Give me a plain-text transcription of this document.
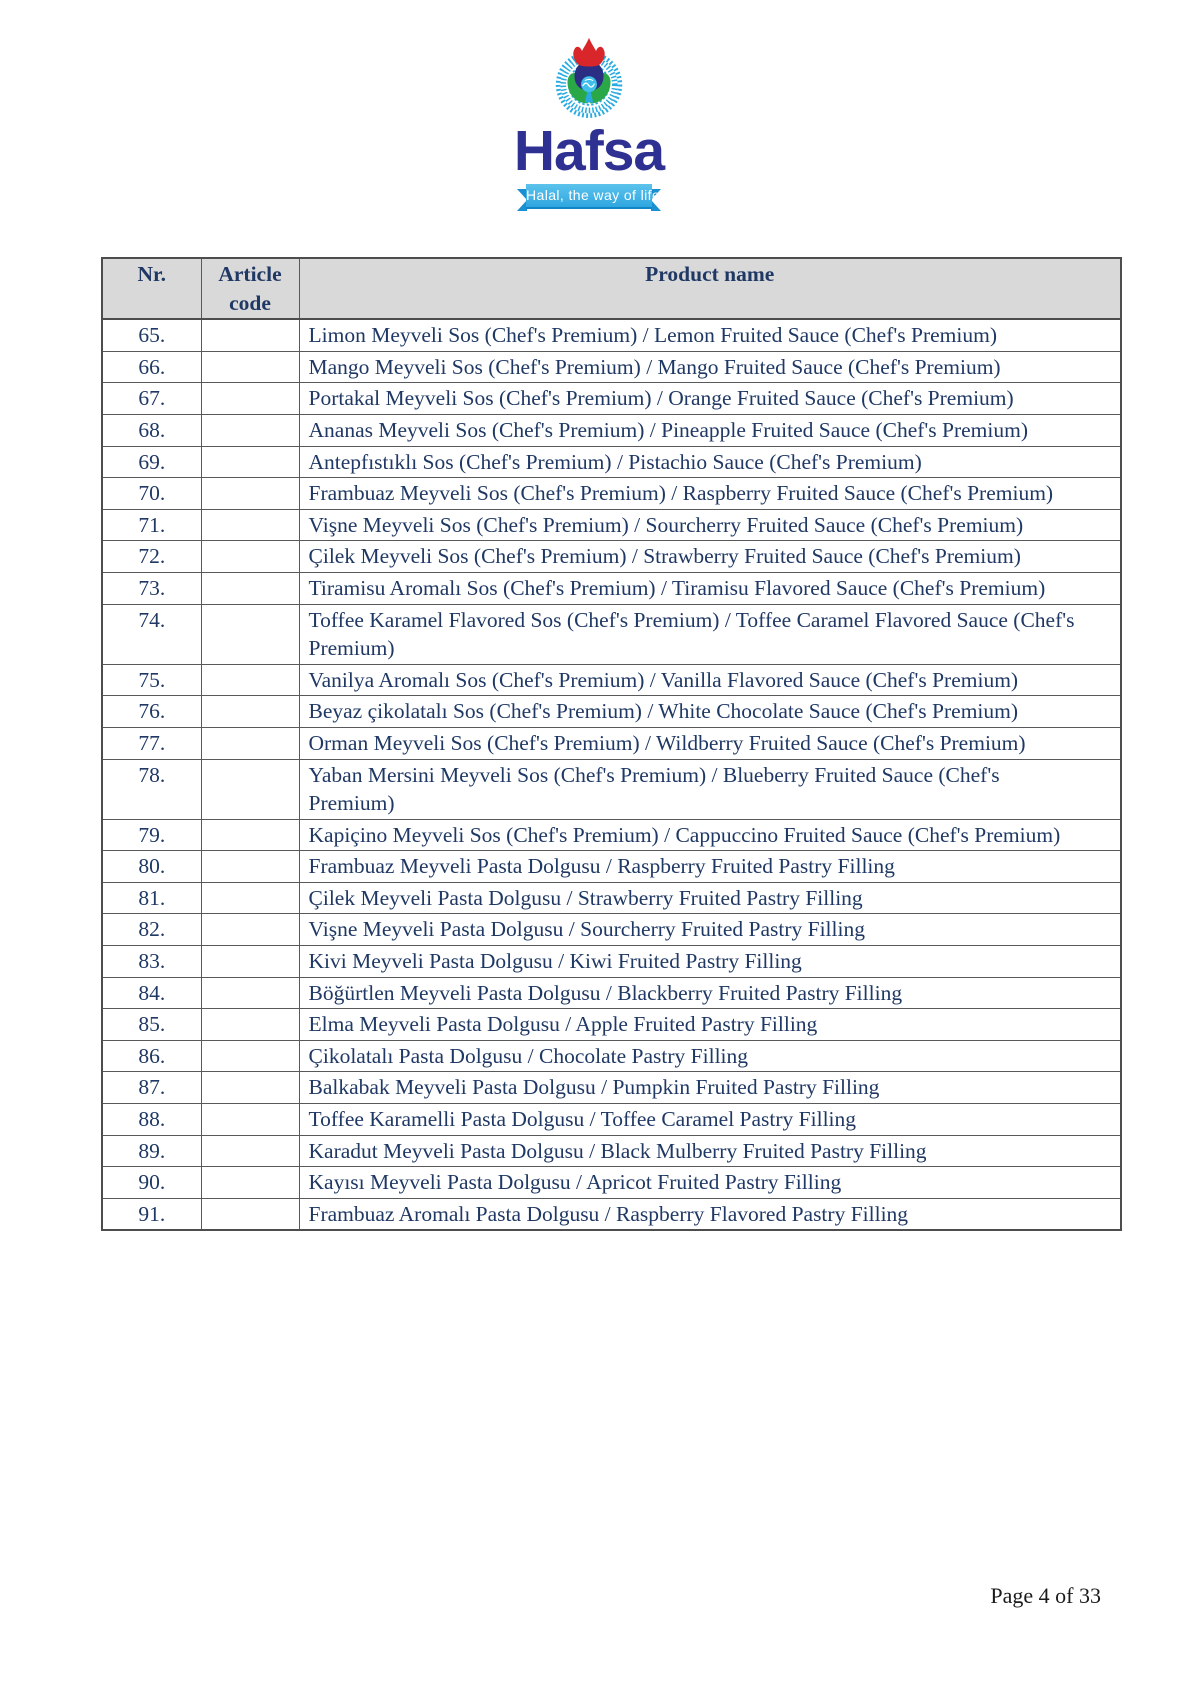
Hafsa
Halal, the way of life
Nr.	Article code	Product name
65.		Limon Meyveli Sos (Chef's Premium) / Lemon Fruited Sauce (Chef's Premium)
66.		Mango Meyveli Sos (Chef's Premium) / Mango Fruited Sauce (Chef's Premium)
67.		Portakal Meyveli Sos (Chef's Premium) / Orange Fruited Sauce (Chef's Premium)
68.		Ananas Meyveli Sos (Chef's Premium) / Pineapple Fruited Sauce (Chef's Premium)
69.		Antepfıstıklı Sos (Chef's Premium) / Pistachio Sauce (Chef's Premium)
70.		Frambuaz Meyveli Sos (Chef's Premium) / Raspberry Fruited Sauce (Chef's Premium)
71.		Vişne Meyveli Sos (Chef's Premium) / Sourcherry Fruited Sauce (Chef's Premium)
72.		Çilek Meyveli Sos (Chef's Premium) / Strawberry Fruited Sauce (Chef's Premium)
73.		Tiramisu Aromalı Sos (Chef's Premium) / Tiramisu Flavored Sauce (Chef's Premium)
74.		Toffee Karamel Flavored Sos (Chef's Premium) / Toffee Caramel Flavored Sauce (Chef's Premium)
75.		Vanilya Aromalı Sos (Chef's Premium) / Vanilla Flavored Sauce (Chef's Premium)
76.		Beyaz çikolatalı Sos (Chef's Premium) / White Chocolate Sauce (Chef's Premium)
77.		Orman Meyveli Sos (Chef's Premium) / Wildberry Fruited Sauce (Chef's Premium)
78.		Yaban Mersini Meyveli Sos (Chef's Premium) / Blueberry Fruited Sauce (Chef's Premium)
79.		Kapiçino Meyveli Sos (Chef's Premium) / Cappuccino Fruited Sauce (Chef's Premium)
80.		Frambuaz Meyveli Pasta Dolgusu / Raspberry Fruited Pastry Filling
81.		Çilek Meyveli Pasta Dolgusu / Strawberry Fruited Pastry Filling
82.		Vişne Meyveli Pasta Dolgusu / Sourcherry Fruited Pastry Filling
83.		Kivi Meyveli Pasta Dolgusu / Kiwi Fruited Pastry Filling
84.		Böğürtlen Meyveli Pasta Dolgusu / Blackberry Fruited Pastry Filling
85.		Elma Meyveli Pasta Dolgusu / Apple Fruited Pastry Filling
86.		Çikolatalı Pasta Dolgusu / Chocolate Pastry Filling
87.		Balkabak Meyveli Pasta Dolgusu / Pumpkin Fruited Pastry Filling
88.		Toffee Karamelli Pasta Dolgusu / Toffee Caramel Pastry Filling
89.		Karadut Meyveli Pasta Dolgusu / Black Mulberry Fruited Pastry Filling
90.		Kayısı Meyveli Pasta Dolgusu / Apricot Fruited Pastry Filling
91.		Frambuaz Aromalı Pasta Dolgusu / Raspberry Flavored Pastry Filling
Page 4 of 33
